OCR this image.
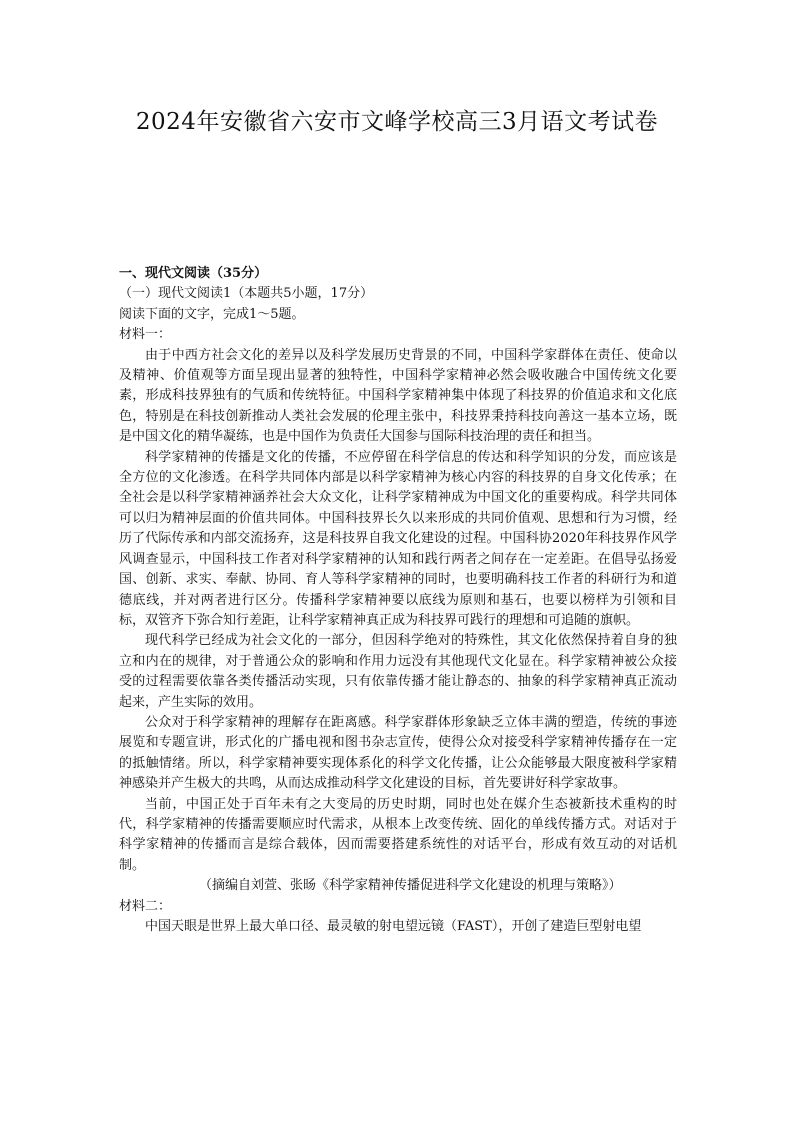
2024年安徽省六安市文峰学校高三3月语文考试卷

一、现代文阅读（35分）

（一）现代文阅读1（本题共5小题，17分）

阅读下面的文字，完成1～5题。

材料一：

由于中西方社会文化的差异以及科学发展历史背景的不同，中国科学家群体在责任、使命以及精神、价值观等方面呈现出显著的独特性，中国科学家精神必然会吸收融合中国传统文化要素，形成科技界独有的气质和传统特征。中国科学家精神集中体现了科技界的价值追求和文化底色，特别是在科技创新推动人类社会发展的伦理主张中，科技界秉持科技向善这一基本立场，既是中国文化的精华凝练，也是中国作为负责任大国参与国际科技治理的责任和担当。

科学家精神的传播是文化的传播，不应停留在科学信息的传达和科学知识的分发，而应该是全方位的文化渗透。在科学共同体内部是以科学家精神为核心内容的科技界的自身文化传承；在全社会是以科学家精神涵养社会大众文化，让科学家精神成为中国文化的重要构成。科学共同体可以归为精神层面的价值共同体。中国科技界长久以来形成的共同价值观、思想和行为习惯，经历了代际传承和内部交流扬弃，这是科技界自我文化建设的过程。中国科协2020年科技界作风学风调查显示，中国科技工作者对科学家精神的认知和践行两者之间存在一定差距。在倡导弘扬爱国、创新、求实、奉献、协同、育人等科学家精神的同时，也要明确科技工作者的科研行为和道德底线，并对两者进行区分。传播科学家精神要以底线为原则和基石，也要以榜样为引领和目标，双管齐下弥合知行差距，让科学家精神真正成为科技界可践行的理想和可追随的旗帜。

现代科学已经成为社会文化的一部分，但因科学绝对的特殊性，其文化依然保持着自身的独立和内在的规律，对于普通公众的影响和作用力远没有其他现代文化显在。科学家精神被公众接受的过程需要依靠各类传播活动实现，只有依靠传播才能让静态的、抽象的科学家精神真正流动起来，产生实际的效用。

公众对于科学家精神的理解存在距离感。科学家群体形象缺乏立体丰满的塑造，传统的事迹展览和专题宣讲，形式化的广播电视和图书杂志宣传，使得公众对接受科学家精神传播存在一定的抵触情绪。所以，科学家精神要实现体系化的科学文化传播，让公众能够最大限度被科学家精神感染并产生极大的共鸣，从而达成推动科学文化建设的目标，首先要讲好科学家故事。

当前，中国正处于百年未有之大变局的历史时期，同时也处在媒介生态被新技术重构的时代，科学家精神的传播需要顺应时代需求，从根本上改变传统、固化的单线传播方式。对话对于科学家精神的传播而言是综合载体，因而需要搭建系统性的对话平台，形成有效互动的对话机制。

（摘编自刘萱、张旸《科学家精神传播促进科学文化建设的机理与策略》）

材料二：

中国天眼是世界上最大单口径、最灵敏的射电望远镜（FAST），开创了建造巨型射电望
